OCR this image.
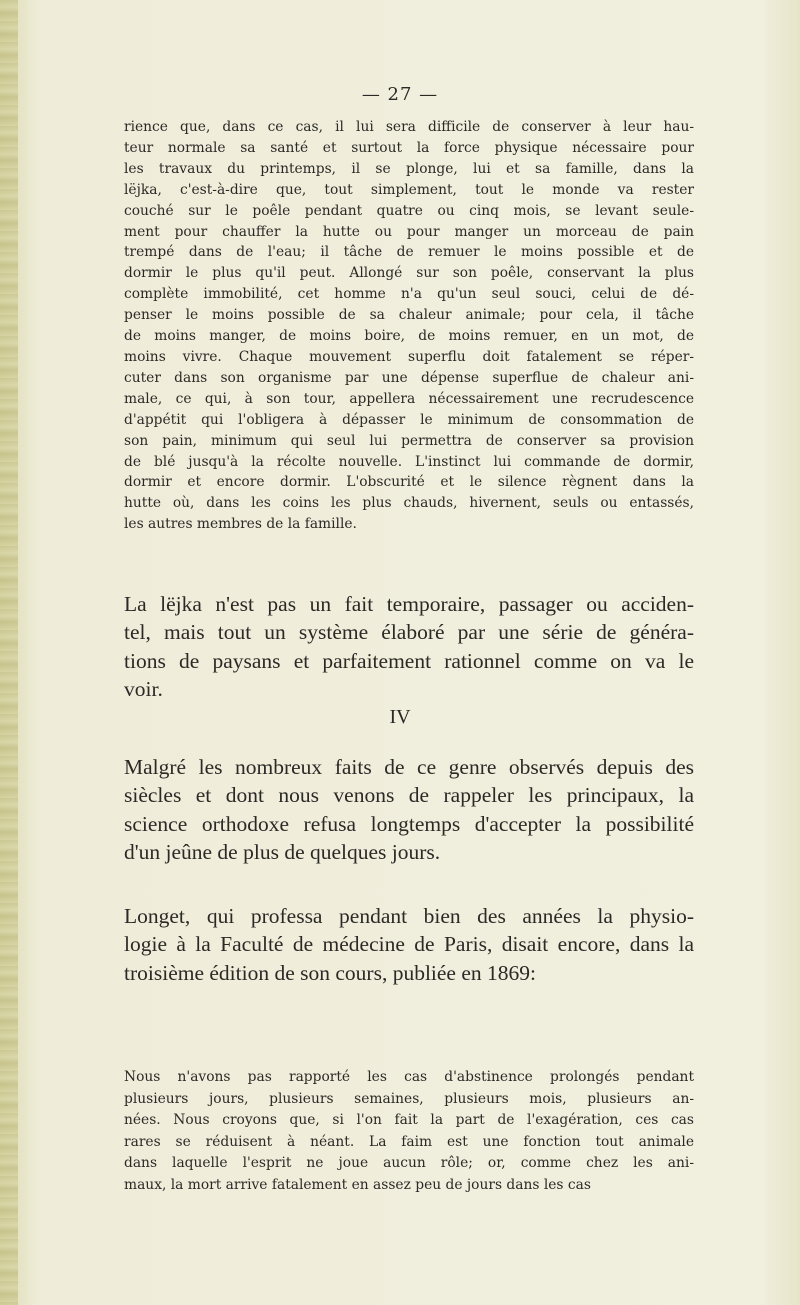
— 27 —

rience que, dans ce cas, il lui sera difficile de conserver à leur hau-
teur normale sa santé et surtout la force physique nécessaire pour
les travaux du printemps, il se plonge, lui et sa famille, dans la
lëjka, c'est-à-dire que, tout simplement, tout le monde va rester
couché sur le poêle pendant quatre ou cinq mois, se levant seule-
ment pour chauffer la hutte ou pour manger un morceau de pain
trempé dans de l'eau; il tâche de remuer le moins possible et de
dormir le plus qu'il peut. Allongé sur son poêle, conservant la plus
complète immobilité, cet homme n'a qu'un seul souci, celui de dé-
penser le moins possible de sa chaleur animale; pour cela, il tâche
de moins manger, de moins boire, de moins remuer, en un mot, de
moins vivre. Chaque mouvement superflu doit fatalement se réper-
cuter dans son organisme par une dépense superflue de chaleur ani-
male, ce qui, à son tour, appellera nécessairement une recrudescence
d'appétit qui l'obligera à dépasser le minimum de consommation de
son pain, minimum qui seul lui permettra de conserver sa provision
de blé jusqu'à la récolte nouvelle. L'instinct lui commande de dormir,
dormir et encore dormir. L'obscurité et le silence règnent dans la
hutte où, dans les coins les plus chauds, hivernent, seuls ou entassés,
les autres membres de la famille.

La lëjka n'est pas un fait temporaire, passager ou acciden-
tel, mais tout un système élaboré par une série de généra-
tions de paysans et parfaitement rationnel comme on va le
voir.

IV

Malgré les nombreux faits de ce genre observés depuis des
siècles et dont nous venons de rappeler les principaux, la
science orthodoxe refusa longtemps d'accepter la possibilité
d'un jeûne de plus de quelques jours.

Longet, qui professa pendant bien des années la physio-
logie à la Faculté de médecine de Paris, disait encore, dans la
troisième édition de son cours, publiée en 1869:

Nous n'avons pas rapporté les cas d'abstinence prolongés pendant
plusieurs jours, plusieurs semaines, plusieurs mois, plusieurs an-
nées. Nous croyons que, si l'on fait la part de l'exagération, ces cas
rares se réduisent à néant. La faim est une fonction tout animale
dans laquelle l'esprit ne joue aucun rôle; or, comme chez les ani-
maux, la mort arrive fatalement en assez peu de jours dans les cas
